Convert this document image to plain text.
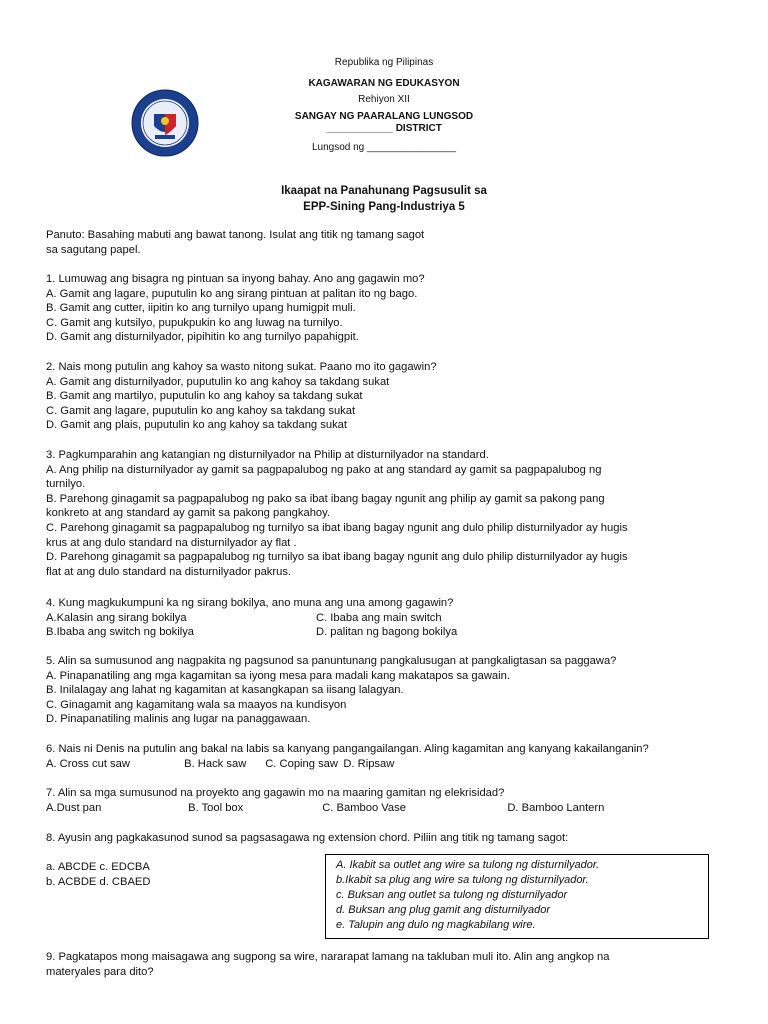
Republika ng Pilipinas
KAGAWARAN NG EDUKASYON
Rehiyon XII
SANGAY NG PAARALANG LUNGSOD
____________ DISTRICT
Lungsod ng ________________
Ikaapat na Panahunang Pagsusulit sa
EPP-Sining Pang-Industriya 5
Panuto: Basahing mabuti ang bawat tanong. Isulat ang titik ng tamang sagot
sa sagutang papel.
1. Lumuwag ang bisagra ng pintuan sa inyong bahay. Ano ang gagawin mo?
A. Gamit ang lagare, puputulin ko ang sirang pintuan at palitan ito ng bago.
B. Gamit ang cutter, iipitin ko ang turnilyo upang humigpit muli.
C. Gamit ang kutsilyo, pupukpukin ko ang luwag na turnilyo.
D. Gamit ang disturnilyador, pipihitin ko ang turnilyo papahigpit.
2. Nais mong putulin ang kahoy sa wasto nitong sukat. Paano mo ito gagawin?
A. Gamit ang disturnilyador, puputulin ko ang kahoy sa takdang sukat
B. Gamit ang martilyo, puputulin ko ang kahoy sa takdang sukat
C. Gamit ang lagare, puputulin ko ang kahoy sa takdang sukat
D. Gamit ang plais, puputulin ko ang kahoy sa takdang sukat
3. Pagkumparahin ang katangian ng disturnilyador na Philip at disturnilyador na standard.
A. Ang philip na disturnilyador ay gamit sa pagpapalubog ng pako at ang standard ay gamit sa pagpapalubog ng
turnilyo.
B. Parehong ginagamit sa pagpapalubog ng pako sa ibat ibang bagay ngunit ang philip ay gamit sa pakong pang
konkreto at ang standard ay gamit sa pakong pangkahoy.
C. Parehong ginagamit sa pagpapalubog ng turnilyo sa ibat ibang bagay ngunit ang dulo philip disturnilyador ay hugis
krus at ang dulo standard na disturnilyador ay flat .
D. Parehong ginagamit sa pagpapalubog ng turnilyo sa ibat ibang bagay ngunit ang dulo philip disturnilyador ay hugis
flat at ang dulo standard na disturnilyador pakrus.
4. Kung magkukumpuni ka ng sirang bokilya, ano muna ang una among gagawin?
A.Kalasin ang sirang bokilya	C. Ibaba ang main switch
B.Ibaba ang switch ng bokilya	D. palitan ng bagong bokilya
5. Alin sa sumusunod ang nagpakita ng pagsunod sa panuntunang pangkalusugan at pangkaligtasan sa paggawa?
A. Pinapanatiling ang mga kagamitan sa iyong mesa para madali kang makatapos sa gawain.
B. Inilalagay ang lahat ng kagamitan at kasangkapan sa iisang lalagyan.
C. Ginagamit ang kagamitang wala sa maayos na kundisyon
D. Pinapanatiling malinis ang lugar na panaggawaan.
6. Nais ni Denis na putulin ang bakal na labis sa kanyang pangangailangan. Aling kagamitan ang kanyang kakailanganin?
A. Cross cut saw	B. Hack saw C. Coping saw D. Ripsaw
7. Alin sa mga sumusunod na proyekto ang gagawin mo na maaring gamitan ng elekrisidad?
A.Dust pan	B. Tool box	C. Bamboo Vase	D. Bamboo Lantern
8. Ayusin ang pagkakasunod sunod sa pagsasagawa ng extension chord. Piliin ang titik ng tamang sagot:
a. ABCDE c. EDCBA
b. ACBDE d. CBAED
A. Ikabit sa outlet ang wire sa tulong ng disturnilyador.
b.Ikabit sa plug ang wire sa tulong ng disturnilyador.
c. Buksan ang outlet sa tulong ng disturnilyador
d. Buksan ang plug gamit ang disturnilyador
e. Talupin ang dulo ng magkabilang wire.
9. Pagkatapos mong maisagawa ang sugpong sa wire, nararapat lamang na takluban muli ito. Alin ang angkop na
materyales para dito?
